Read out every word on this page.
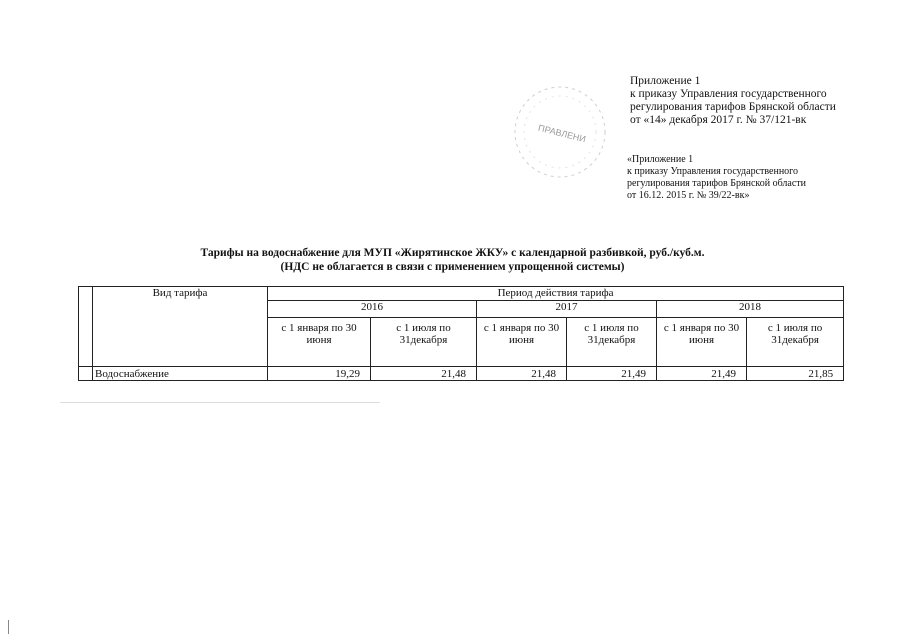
Приложение 1
к приказу Управления государственного
регулирования тарифов Брянской области
от «14» декабря 2017 г. № 37/121-вк
ПРАВЛЕНИ
«Приложение 1
к приказу Управления государственного
регулирования тарифов Брянской области
от 16.12. 2015 г. № 39/22-вк»
Тарифы на водоснабжение для МУП «Жирятинское ЖКУ» с календарной разбивкой, руб./куб.м.
(НДС не облагается в связи с применением упрощенной системы)
	Вид тарифа	Период действия тарифа					
		2016		2017		2018	
		с 1 января по 30 июня	с 1 июля по 31декабря	с 1 января по 30 июня	с 1 июля по 31декабря	с 1 января по 30 июня	с 1 июля по 31декабря
	Водоснабжение	19,29	21,48	21,48	21,49	21,49	21,85
